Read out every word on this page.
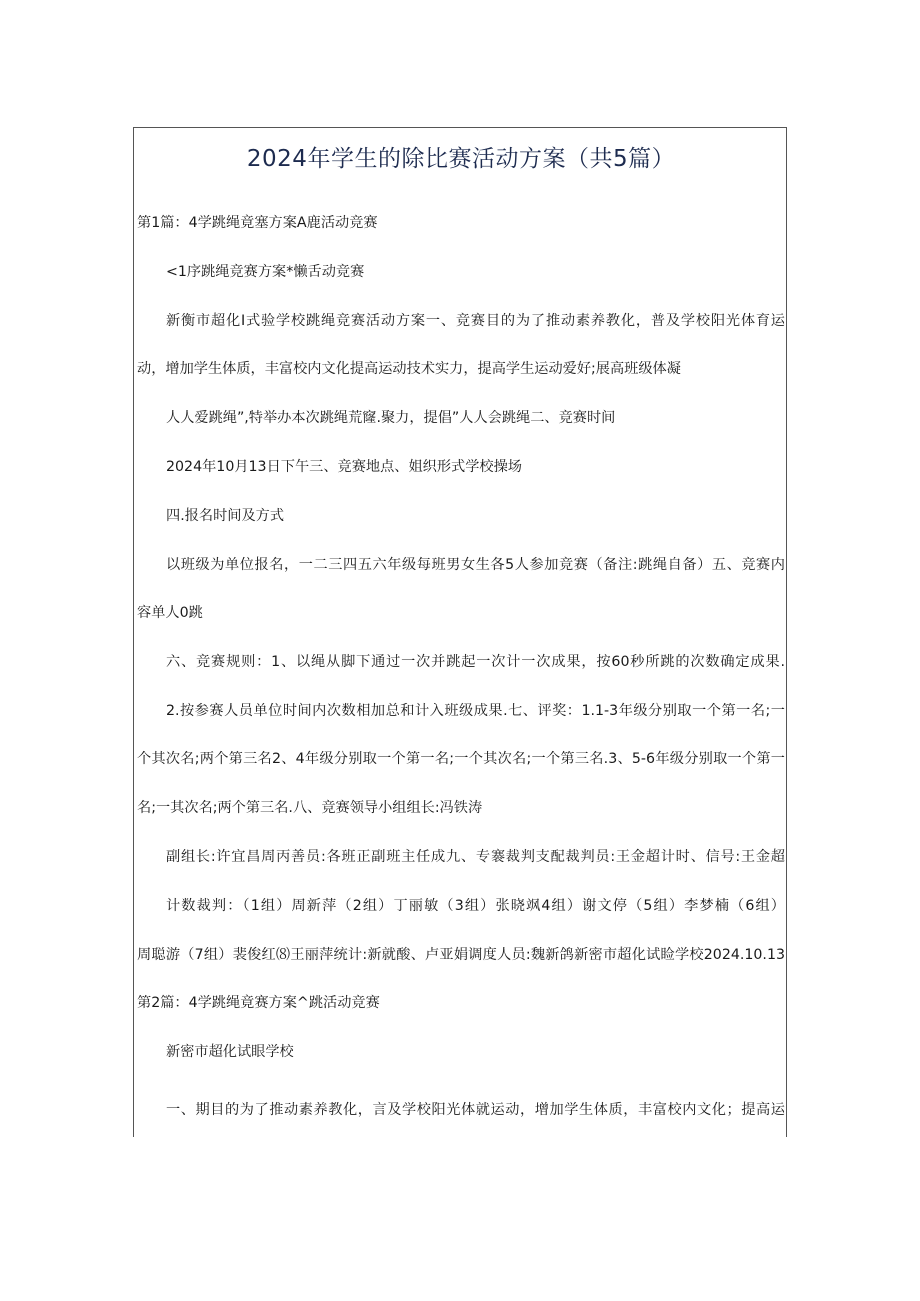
2024年学生的除比赛活动方案（共5篇）
第1篇：4学跳绳竟塞方案A鹿活动竞赛
<1序跳绳竞赛方案*懒舌动竞赛
新衡市超化I式验学校跳绳竞赛活动方案一、竞赛目的为了推动素养教化，普及学校阳光体育运
动，增加学生体质，丰富校内文化提高运动技术实力，提高学生运动爱好;展高班级体凝
人人爱跳绳”,特举办本次跳绳荒窿.聚力，提倡”人人会跳绳二、竞赛时间
2024年10月13日下午三、竞赛地点、姐织形式学校操场
四.报名时间及方式
以班级为单位报名，一二三四五六年级每班男女生各5人参加竞赛（备注:跳绳自备）五、竞赛内
容单人0跳
六、竞赛规则：1、以绳从脚下通过一次并跳起一次计一次成果，按60秒所跳的次数确定成果.
2.按参赛人员单位时间内次数相加总和计入班级成果.七、评奖：1.1-3年级分别取一个第一名;一
个其次名;两个第三名2、4年级分别取一个第一名;一个其次名;一个第三名.3、5-6年级分别取一个第一
名;一其次名;两个第三名.八、竞赛领导小组组长:冯铁涛
副组长:许宜昌周丙善员:各班正副班主任成九、专褰裁判支配裁判员:王金超计时、信号:王金超
计数裁判：（1组）周新萍（2组）丁丽敏（3组）张晓飒4组）谢文停（5组）李梦楠（6组）
周聪游（7组）裴俊红⑻王丽萍统计:新就酸、卢亚娟调度人员:魏新鸽新密市超化试睑学校2024.10.13
第2篇：4学跳绳竟赛方案^跳活动竞赛
新密市超化试眼学校
一、期目的为了推动素养教化，言及学校阳光体就运动，增加学生体质，丰富校内文化；提高运
